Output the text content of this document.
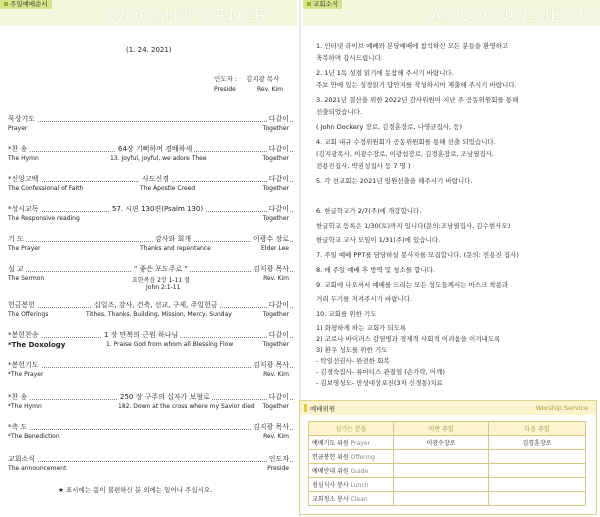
주일예배순서
WORSHIP ORDER
(1. 24. 2021)
인도자 : 김지광 목사
Preside	Rev. Kim
묵상기도	다같이
Prayer	Together
*찬 송	64장 기뻐하며 경배하세	다같이
The Hymn	13. Joyful, joyful, we adore Thee	Together
*신앙고백	사도신경	다같이
The Confessional of Faith	The Apostle Creed	Together
*성시교독	57. 시편 130편(Psalm 130)	다같이
The Responsive reading	Together
기 도	감사와 회개	이광수 장로
The Prayer	Thanks and repentance	Elder Lee
설 교	" 좋은 포도주로 "	김지광 목사
The Sermon	요한복음 2장 1-11 절	Rev. Kim
John 2:1-11
헌금봉헌	십일조, 감사, 건축, 선교, 구제, 주일헌금	다같이
The Offerings	Tithes, Thanks, Building, Mission, Mercy, Sunday	Together
*봉헌찬송	1 장 만복의 근원 하나님	다같이
*The Doxology	1. Praise God from whom all Blessing Flow	Together
*봉헌기도	김지광 목사
*The Prayer	Rev. Kim
*찬 송	250 장 구주의 십자가 보혈로	다같이
*The Hymn	182. Down at the cross where my Savior died Together
*축 도	김지광 목사
*The Benediction	Rev. Kim
교회소식	인도자
The announcement	Preside
★ 표시에는 몸이 불편하신 분 외에는 일어나 주십시오.
교회소식
ANNOUNCEMENTS
1. 인터넷 라이브 예배와 본당예배에 참석하신 모든 분들을 환영하고
축복하며 감사드립니다.
2. 1년 1독 성경 읽기에 동참해 주시기 바랍니다.
주보 안에 있는 성경읽기 답안지를 작성하시어 제출해 주시기 바랍니다.
3. 2021년 결산을 위한 2022년 감사위원이 지난 주 공동위원회를 통해
선출되었습니다.
( John Dockery 장로, 김경훈장로, 나영균집사, 등)
4. 교회 내규 수정위원회가 공동위원회를 통해 선출 되었습니다.
(김지광목사, 이광수장로, 이광섭장로, 김경훈장로, 조남필집사,
전용진집사, 박권성집사 등 7 명 )
5. 각 선교회는 2021년 임원선출을 해주시기 바랍니다.
6. 한글학교가 2/7(주)에 개강합니다.
한글학교 등록은 1/30(토)까지 입니다(문의:조남필집사, 김수현사모)
한글학교 교사 모임이 1/31(주)에 있습니다.
7. 주일 예배 PPT를 담당하실 봉사자를 모집합니다. (문의: 전용진 집사)
8. 매 주일 예배 후 방역 및 청소를 합니다.
9. 교회에 나오셔서 예배를 드리는 모든 성도들께서는 마스크 착용과
거리 두기를 지켜주시기 바랍니다.
10. 교회를 위한 기도
1) 화평하게 하는 교회가 되도록
2) 코로나 바이러스 감염병과 경제적 사회적 어려움을 이겨내도록
3) 환우 성도를 위한 기도
- 탁일선권사- 완전한 회복
- 김경숙집사- 류마티스 관절염 (손가락, 어깨)
- 김보영성도- 만성대상포진(3차 신경통)치료
예배위원	Worship Service
섬기는 분들	이번 주일	다음 주일
예배기도 위원 Prayer	이광수장로	김경훈장로
헌금봉헌 위원 Offering		
예배안내 위원 Guide		
점심식사 봉사 Lunch		
교회청소 봉사 Clean		
